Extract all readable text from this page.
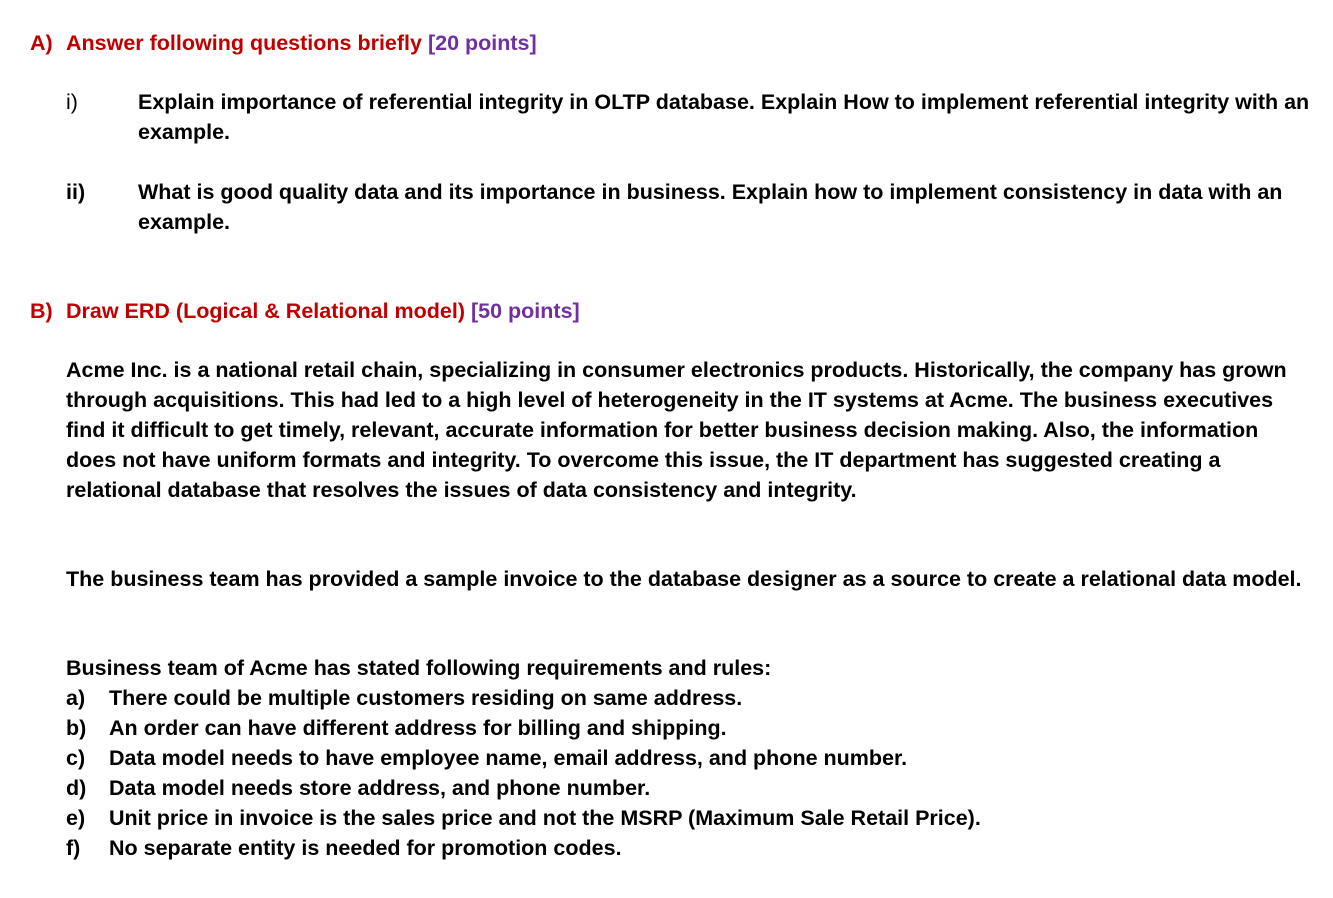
A) Answer following questions briefly [20 points]
i)	Explain importance of referential integrity in OLTP database. Explain How to implement referential integrity with an example.
ii) What is good quality data and its importance in business. Explain how to implement consistency in data with an example.
B) Draw ERD (Logical & Relational model) [50 points]

Acme Inc. is a national retail chain, specializing in consumer electronics products. Historically, the company has grown through acquisitions. This had led to a high level of heterogeneity in the IT systems at Acme. The business executives find it difficult to get timely, relevant, accurate information for better business decision making. Also, the information does not have uniform formats and integrity. To overcome this issue, the IT department has suggested creating a relational database that resolves the issues of data consistency and integrity.

The business team has provided a sample invoice to the database designer as a source to create a relational data model.

Business team of Acme has stated following requirements and rules:
a) There could be multiple customers residing on same address.
b) An order can have different address for billing and shipping.
c) Data model needs to have employee name, email address, and phone number.
d) Data model needs store address, and phone number.
e) Unit price in invoice is the sales price and not the MSRP (Maximum Sale Retail Price).
f) No separate entity is needed for promotion codes.
